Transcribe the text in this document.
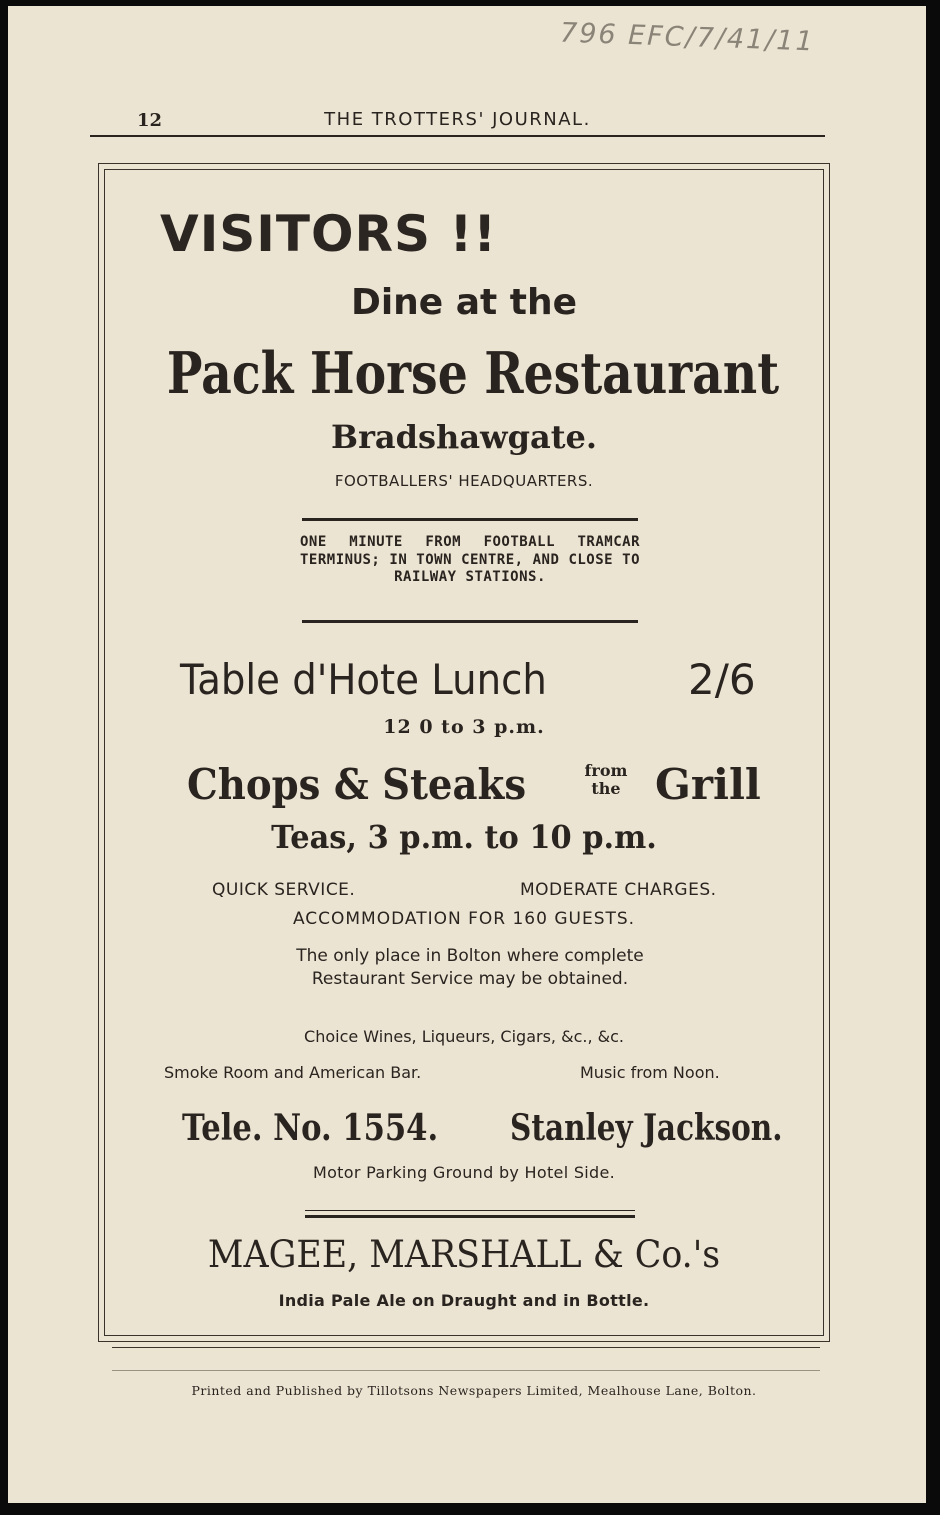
796 EFC/7/41/11
12	THE TROTTERS' JOURNAL.
VISITORS !!
Dine at the
Pack Horse Restaurant
Bradshawgate.
FOOTBALLERS' HEADQUARTERS.
ONE MINUTE FROM FOOTBALL TRAMCAR TERMINUS; IN TOWN CENTRE, AND CLOSE TO RAILWAY STATIONS.
Table d'Hote Lunch	2/6
12 0 to 3 p.m.
Chops & Steaks	from
the Grill
Teas, 3 p.m. to 10 p.m.
QUICK SERVICE.	MODERATE CHARGES.
ACCOMMODATION FOR 160 GUESTS.
The only place in Bolton where complete Restaurant Service may be obtained.
Choice Wines, Liqueurs, Cigars, &c., &c.
Smoke Room and American Bar.	Music from Noon.
Tele. No. 1554. Stanley Jackson.
Motor Parking Ground by Hotel Side.
MAGEE, MARSHALL & Co.'s
India Pale Ale on Draught and in Bottle.
Printed and Published by Tillotsons Newspapers Limited, Mealhouse Lane, Bolton.
